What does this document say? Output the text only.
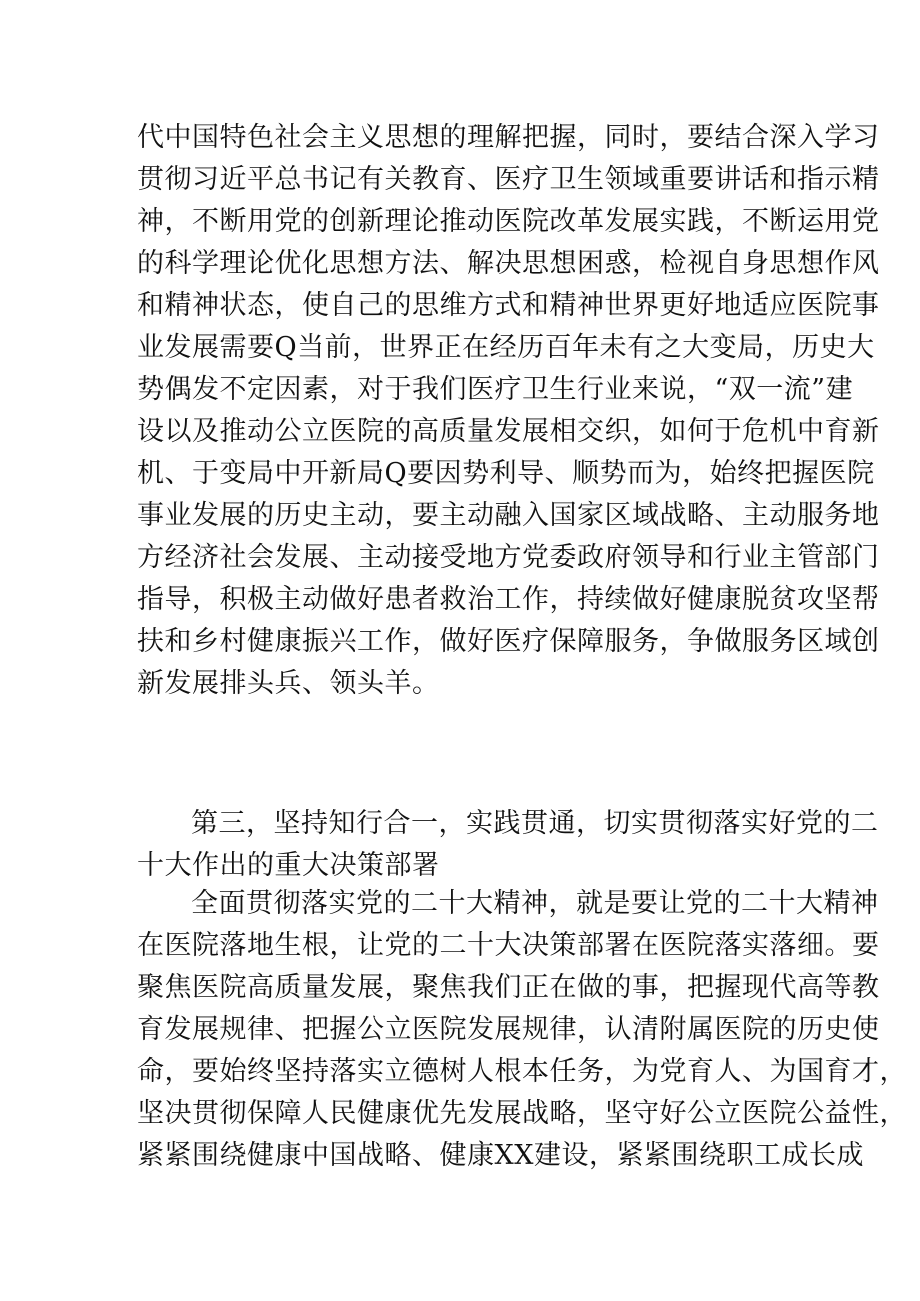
代中国特色社会主义思想的理解把握，同时，要结合深入学习
贯彻习近平总书记有关教育、医疗卫生领域重要讲话和指示精
神，不断用党的创新理论推动医院改革发展实践，不断运用党
的科学理论优化思想方法、解决思想困惑，检视自身思想作风
和精神状态，使自己的思维方式和精神世界更好地适应医院事
业发展需要Q当前，世界正在经历百年未有之大变局，历史大
势偶发不定因素，对于我们医疗卫生行业来说，“双一流”建
设以及推动公立医院的高质量发展相交织，如何于危机中育新
机、于变局中开新局Q要因势利导、顺势而为，始终把握医院
事业发展的历史主动，要主动融入国家区域战略、主动服务地
方经济社会发展、主动接受地方党委政府领导和行业主管部门
指导，积极主动做好患者救治工作，持续做好健康脱贫攻坚帮
扶和乡村健康振兴工作，做好医疗保障服务，争做服务区域创
新发展排头兵、领头羊。
第三，坚持知行合一，实践贯通，切实贯彻落实好党的二
十大作出的重大决策部署
全面贯彻落实党的二十大精神，就是要让党的二十大精神
在医院落地生根，让党的二十大决策部署在医院落实落细。要
聚焦医院高质量发展，聚焦我们正在做的事，把握现代高等教
育发展规律、把握公立医院发展规律，认清附属医院的历史使
命，要始终坚持落实立德树人根本任务，为党育人、为国育才，
坚决贯彻保障人民健康优先发展战略，坚守好公立医院公益性，
紧紧围绕健康中国战略、健康XX建设，紧紧围绕职工成长成
